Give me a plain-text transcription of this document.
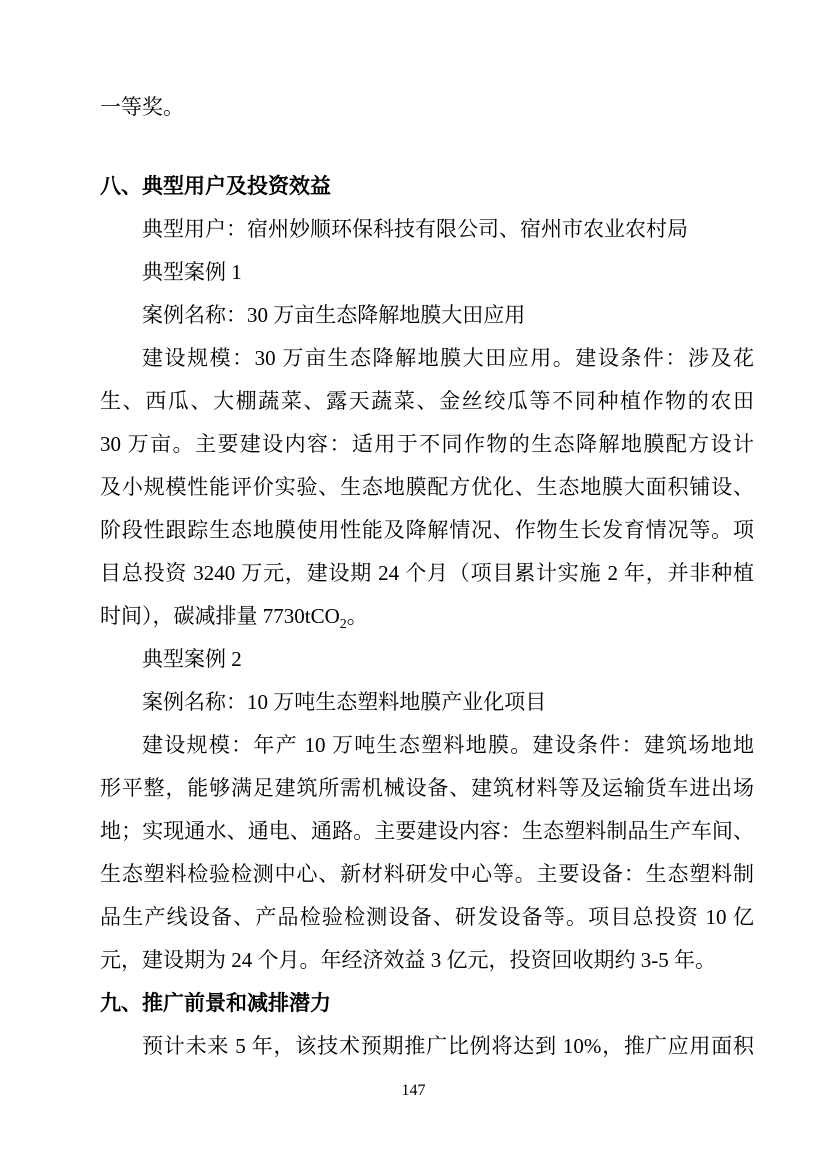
一等奖。
八、典型用户及投资效益
典型用户：宿州妙顺环保科技有限公司、宿州市农业农村局
典型案例 1
案例名称：30 万亩生态降解地膜大田应用
建设规模：30 万亩生态降解地膜大田应用。建设条件：涉及花
生、西瓜、大棚蔬菜、露天蔬菜、金丝绞瓜等不同种植作物的农田
30 万亩。主要建设内容：适用于不同作物的生态降解地膜配方设计
及小规模性能评价实验、生态地膜配方优化、生态地膜大面积铺设、
阶段性跟踪生态地膜使用性能及降解情况、作物生长发育情况等。项
目总投资 3240 万元，建设期 24 个月（项目累计实施 2 年，并非种植
时间），碳减排量 7730tCO$_2$。
典型案例 2
案例名称：10 万吨生态塑料地膜产业化项目
建设规模：年产 10 万吨生态塑料地膜。建设条件：建筑场地地
形平整，能够满足建筑所需机械设备、建筑材料等及运输货车进出场
地；实现通水、通电、通路。主要建设内容：生态塑料制品生产车间、
生态塑料检验检测中心、新材料研发中心等。主要设备：生态塑料制
品生产线设备、产品检验检测设备、研发设备等。项目总投资 10 亿
元，建设期为 24 个月。年经济效益 3 亿元，投资回收期约 3-5 年。
九、推广前景和减排潜力
预计未来 5 年，该技术预期推广比例将达到 10%，推广应用面积
147
